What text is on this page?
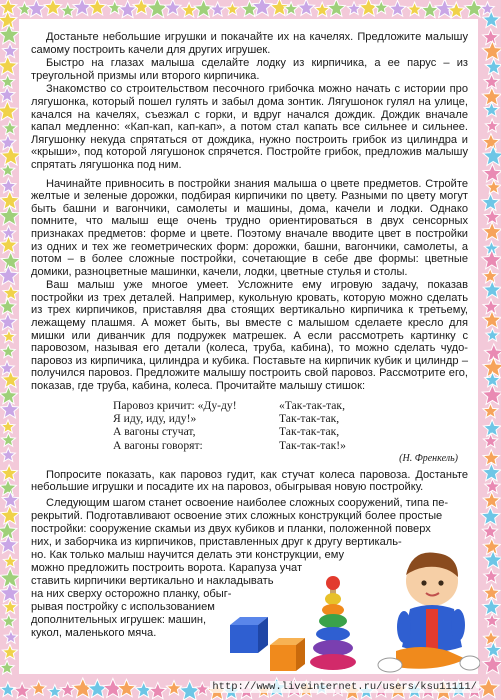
Достаньте небольшие игрушки и покачайте их на качелях. Предложите малышу самому построить качели для других игрушек.

Быстро на глазах малыша сделайте лодку из кирпичика, а ее парус – из треугольной призмы или второго кирпичика.

Знакомство со строительством песочного грибочка можно начать с истории про лягушонка, который пошел гулять и забыл дома зонтик. Лягушонок гулял на улице, качался на качелях, съезжал с горки, и вдруг начался дождик. Дождик вначале капал медленно: «Кап-кап, кап-кап», а потом стал капать все сильнее и сильнее. Лягушонку некуда спрятаться от дождика, нужно построить грибок из цилиндра и «крыши», под которой лягушонок спрячется. Постройте грибок, предложив малышу спрятать лягушонка под ним.

Начинайте привносить в постройки знания малыша о цвете предметов. Стройте желтые и зеленые дорожки, подбирая кирпичики по цвету. Разными по цвету могут быть башни и вагончики, самолеты и машины, дома, качели и лодки. Однако помните, что малыш еще очень трудно ориентироваться в двух сенсорных признаках предметов: форме и цвете. Поэтому вначале вводите цвет в постройки из одних и тех же геометрических форм: дорожки, башни, вагончики, самолеты, а потом – в более сложные постройки, сочетающие в себе две формы: цветные домики, разноцветные машинки, качели, лодки, цветные стулья и столы.

Ваш малыш уже многое умеет. Усложните ему игровую задачу, показав постройки из трех деталей. Например, кукольную кровать, которую можно сделать из трех кирпичиков, приставляя два стоящих вертикально кирпичика к третьему, лежащему плашмя. А может быть, вы вместе с малышом сделаете кресло для мишки или диванчик для подружек матрешек. А если рассмотреть картинку с паровозом, называя его детали (колеса, труба, кабина), то можно сделать чудо-паровоз из кирпичика, цилиндра и кубика. Поставьте на кирпичик кубик и цилиндр – получился паровоз. Предложите малышу построить свой паровоз. Рассмотрите его, показав, где труба, кабина, колеса. Прочитайте малышу стишок:

Паровоз кричит: «Ду-ду!
Я иду, иду, иду!»
А вагоны стучат,
А вагоны говорят:
«Так-так-так,
Так-так-так,
Так-так-так,
Так-так-так!»
(Н. Френкель)

Попросите показать, как паровоз гудит, как стучат колеса паровоза. Достаньте небольшие игрушки и посадите их на паровоз, обыгрывая новую постройку.

Следующим шагом станет освоение наиболее сложных сооружений, типа пе-
рекрытий. Подготавливают освоение этих сложных конструкций более простые
постройки: сооружение скамьи из двух кубиков и планки, положенной поверх
них, и заборчика из кирпичиков, приставленных друг к другу вертикаль-
но. Как только малыш научится делать эти конструкции, ему
можно предложить построить ворота. Карапуза учат
ставить кирпичики вертикально и накладывать
на них сверху осторожно планку, обыг-
рывая постройку с использованием
дополнительных игрушек: машин,
кукол, маленького мяча.
http://www.liveinternet.ru/users/ksu11111/
